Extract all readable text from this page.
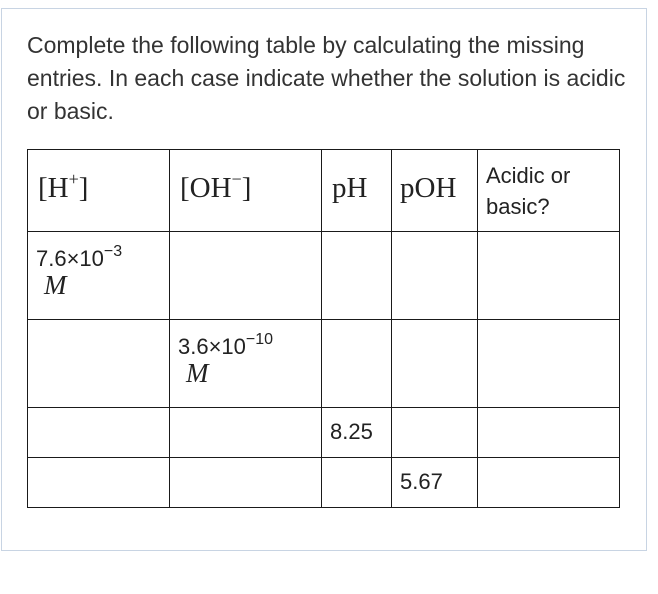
Complete the following table by calculating the missing entries. In each case indicate whether the solution is acidic or basic.

[H+]	[OH−]	pH	pOH	Acidic or basic?

$7.6\times 10^{-3}$
M				

	$3.6\times 10^{-10}$
M			

		8.25		

			5.67	
